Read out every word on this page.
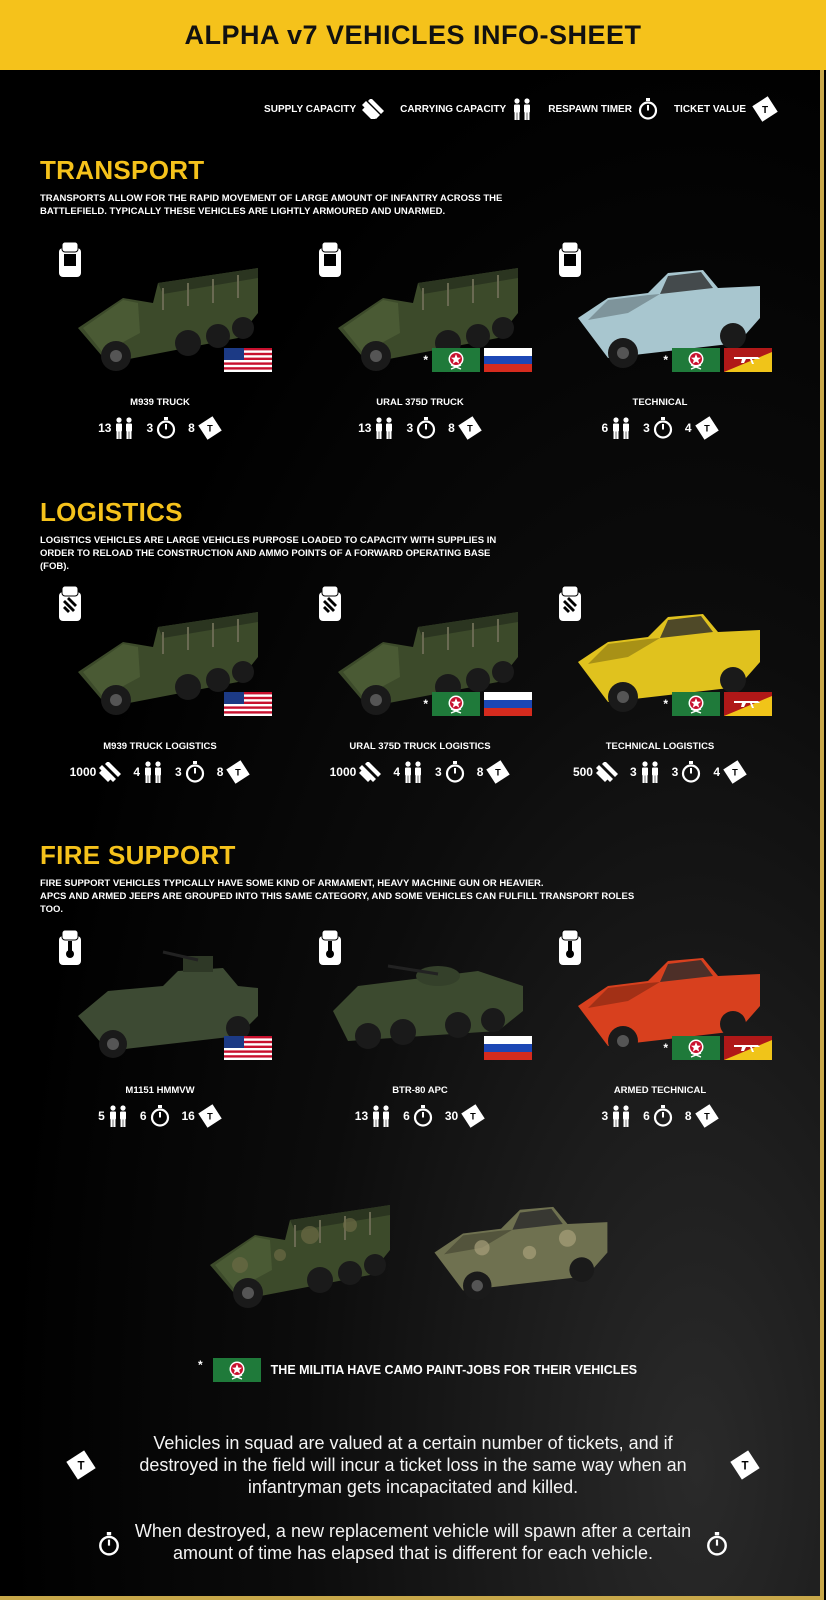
ALPHA v7 VEHICLES INFO-SHEET
SUPPLY CAPACITY	CARRYING CAPACITY	RESPAWN TIMER	TICKET VALUE T
TRANSPORT

TRANSPORTS ALLOW FOR THE RAPID MOVEMENT OF LARGE AMOUNT OF INFANTRY ACROSS THE BATTLEFIELD. TYPICALLY THESE VEHICLES ARE LIGHTLY ARMOURED AND UNARMED.

M939 TRUCK
13	3	8
*
URAL 375D TRUCK
13	3	8
*
TECHNICAL
6	3	4
LOGISTICS

LOGISTICS VEHICLES ARE LARGE VEHICLES PURPOSE LOADED TO CAPACITY WITH SUPPLIES IN ORDER TO RELOAD THE CONSTRUCTION AND AMMO POINTS OF A FORWARD OPERATING BASE (FOB).

M939 TRUCK LOGISTICS
1000	4	3	8
*
URAL 375D TRUCK LOGISTICS
1000	4	3	8
*
TECHNICAL LOGISTICS
500	3	3	4
FIRE SUPPORT

FIRE SUPPORT VEHICLES TYPICALLY HAVE SOME KIND OF ARMAMENT, HEAVY MACHINE GUN OR HEAVIER.

APCS AND ARMED JEEPS ARE GROUPED INTO THIS SAME CATEGORY, AND SOME VEHICLES CAN FULFILL TRANSPORT ROLES TOO.

M1151 HMMVW
5	6	16
BTR-80 APC
13	6	30
*
ARMED TECHNICAL
3	6	8
*	THE MILITIA HAVE CAMO PAINT-JOBS FOR THEIR VEHICLES
Vehicles in squad are valued at a certain number of tickets, and if destroyed in the field will incur a ticket loss in the same way when an infantryman gets incapacitated and killed.
When destroyed, a new replacement vehicle will spawn after a certain amount of time has elapsed that is different for each vehicle.
